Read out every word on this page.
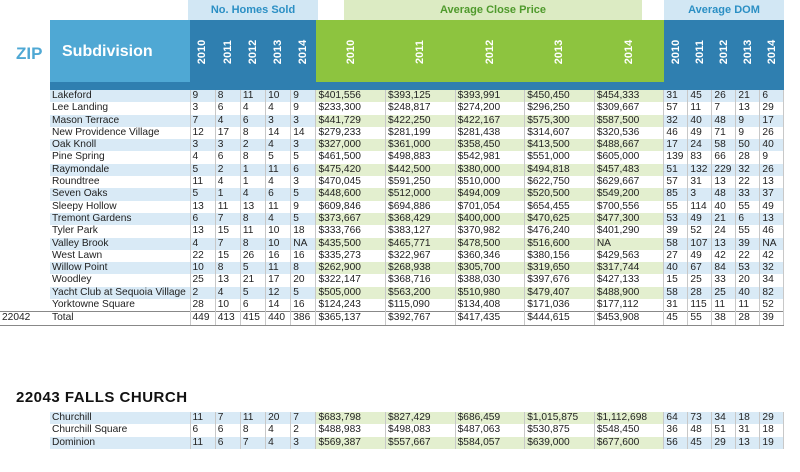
No. Homes Sold	Average Close Price	Average DOM
ZIP Subdivision	2010 2011 2012 2013 2014	2010	2011	2012	2013	2014	2010 2011 2012 2013 2014
	Lakeford	9	8	11	10	9	$401,556	$393,125	$393,991	$450,450	$454,333	31	45	26	21	6
	Lee Landing	3	6	4	4	9	$233,300	$248,817	$274,200	$296,250	$309,667	57	11	7	13	29
	Mason Terrace	7	4	6	3	3	$441,729	$422,250	$422,167	$575,300	$587,500	32	40	48	9	17
	New Providence Village	12	17	8	14	14	$279,233	$281,199	$281,438	$314,607	$320,536	46	49	71	9	26
	Oak Knoll	3	3	2	4	3	$327,000	$361,000	$358,450	$413,500	$488,667	17	24	58	50	40
	Pine Spring	4	6	8	5	5	$461,500	$498,883	$542,981	$551,000	$605,000	139	83	66	28	9
	Raymondale	5	2	1	11	6	$475,420	$442,500	$380,000	$494,818	$457,483	51	132	229	32	26
	Roundtree	11	4	1	4	3	$470,045	$591,250	$510,000	$622,750	$629,667	57	31	13	22	13
	Seven Oaks	5	1	4	6	5	$448,600	$512,000	$494,009	$520,500	$549,200	85	3	48	33	37
	Sleepy Hollow	13	11	13	11	9	$609,846	$694,886	$701,054	$654,455	$700,556	55	114	40	55	49
	Tremont Gardens	6	7	8	4	5	$373,667	$368,429	$400,000	$470,625	$477,300	53	49	21	6	13
	Tyler Park	13	15	11	10	18	$333,766	$383,127	$370,982	$476,240	$401,290	39	52	24	55	46
	Valley Brook	4	7	8	10	NA	$435,500	$465,771	$478,500	$516,600	NA	58	107	13	39	NA
	West Lawn	22	15	26	16	16	$335,273	$322,967	$360,346	$380,156	$429,563	27	49	42	22	42
	Willow Point	10	8	5	11	8	$262,900	$268,938	$305,700	$319,650	$317,744	40	67	84	53	32
	Woodley	25	13	21	17	20	$322,147	$368,716	$388,030	$397,676	$427,133	15	25	33	20	34
	Yacht Club at Sequoia Village	2	4	5	12	5	$505,000	$563,200	$510,980	$479,407	$488,900	58	28	25	40	82
	Yorktowne Square	28	10	6	14	16	$124,243	$115,090	$134,408	$171,036	$177,112	31	115	11	11	52
22042	Total	449	413	415	440	386	$365,137	$392,767	$417,435	$444,615	$453,908	45	55	38	28	39
22043 FALLS CHURCH
	Churchill	11	7	11	20	7	$683,798	$827,429	$686,459	$1,015,875	$1,112,698	64	73	34	18	29
	Churchill Square	6	6	8	4	2	$488,983	$498,083	$487,063	$530,875	$548,450	36	48	51	31	18
	Dominion	11	6	7	4	3	$569,387	$557,667	$584,057	$639,000	$677,600	56	45	29	13	19
